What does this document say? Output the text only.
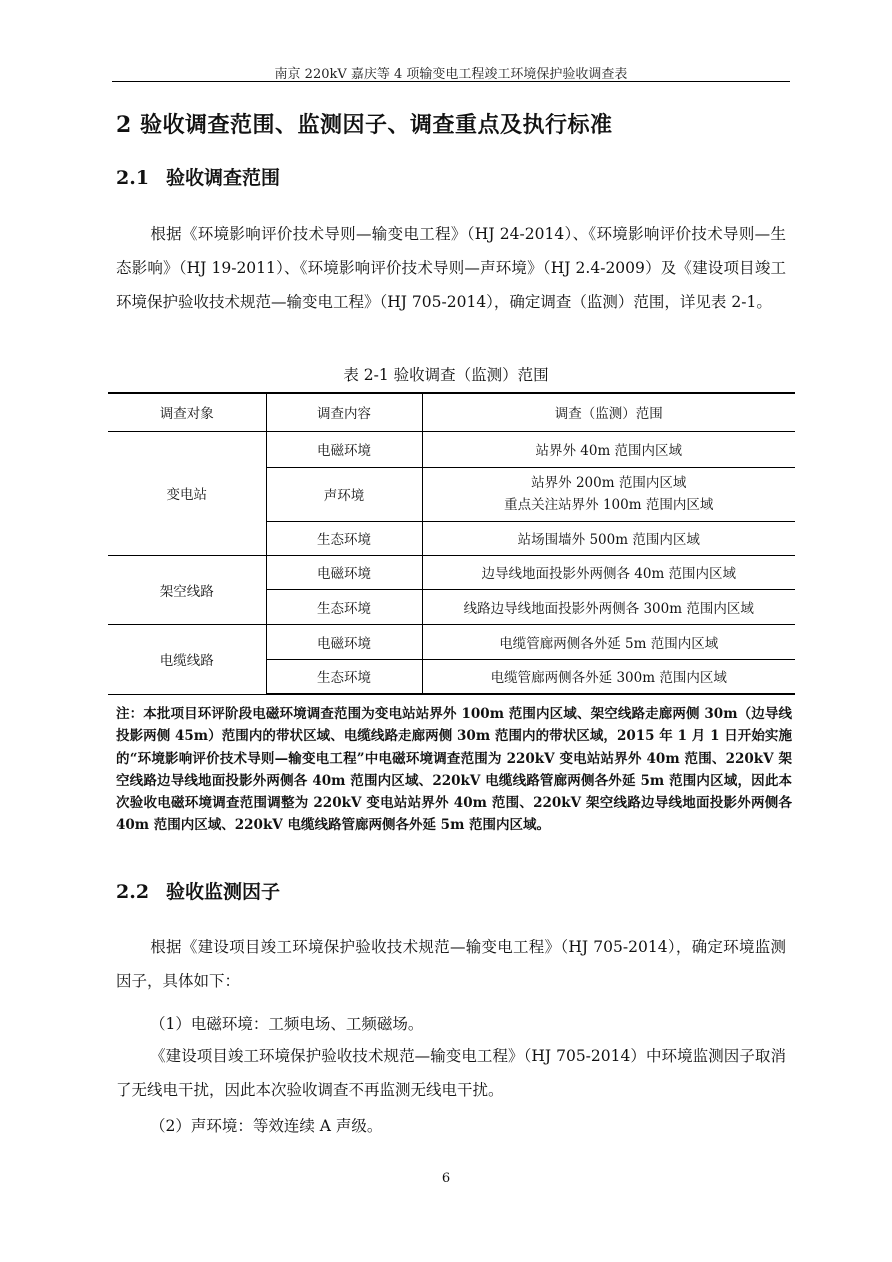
南京 220kV 嘉庆等 4 项输变电工程竣工环境保护验收调查表
2 验收调查范围、监测因子、调查重点及执行标准
2.1 验收调查范围
根据《环境影响评价技术导则—输变电工程》（HJ 24-2014）、《环境影响评价技术导则—生态影响》（HJ 19-2011）、《环境影响评价技术导则—声环境》（HJ 2.4-2009）及《建设项目竣工环境保护验收技术规范—输变电工程》（HJ 705-2014），确定调查（监测）范围，详见表 2-1。
表 2-1 验收调查（监测）范围
调查对象	调查内容	调查（监测）范围
变电站	电磁环境	站界外 40m 范围内区域
	声环境	站界外 200m 范围内区域
重点关注站界外 100m 范围内区域

	生态环境	站场围墙外 500m 范围内区域
架空线路	电磁环境	边导线地面投影外两侧各 40m 范围内区域
	生态环境	线路边导线地面投影外两侧各 300m 范围内区域
电缆线路	电磁环境	电缆管廊两侧各外延 5m 范围内区域
	生态环境	电缆管廊两侧各外延 300m 范围内区域
注：本批项目环评阶段电磁环境调查范围为变电站站界外 100m 范围内区域、架空线路走廊两侧 30m（边导线投影两侧 45m）范围内的带状区域、电缆线路走廊两侧 30m 范围内的带状区域，2015 年 1 月 1 日开始实施的“环境影响评价技术导则—输变电工程”中电磁环境调查范围为 220kV 变电站站界外 40m 范围、220kV 架空线路边导线地面投影外两侧各 40m 范围内区域、220kV 电缆线路管廊两侧各外延 5m 范围内区域，因此本次验收电磁环境调查范围调整为 220kV 变电站站界外 40m 范围、220kV 架空线路边导线地面投影外两侧各 40m 范围内区域、220kV 电缆线路管廊两侧各外延 5m 范围内区域。
2.2 验收监测因子
根据《建设项目竣工环境保护验收技术规范—输变电工程》（HJ 705-2014），确定环境监测因子，具体如下：
（1）电磁环境：工频电场、工频磁场。
《建设项目竣工环境保护验收技术规范—输变电工程》（HJ 705-2014）中环境监测因子取消了无线电干扰，因此本次验收调查不再监测无线电干扰。
（2）声环境：等效连续 A 声级。
6
